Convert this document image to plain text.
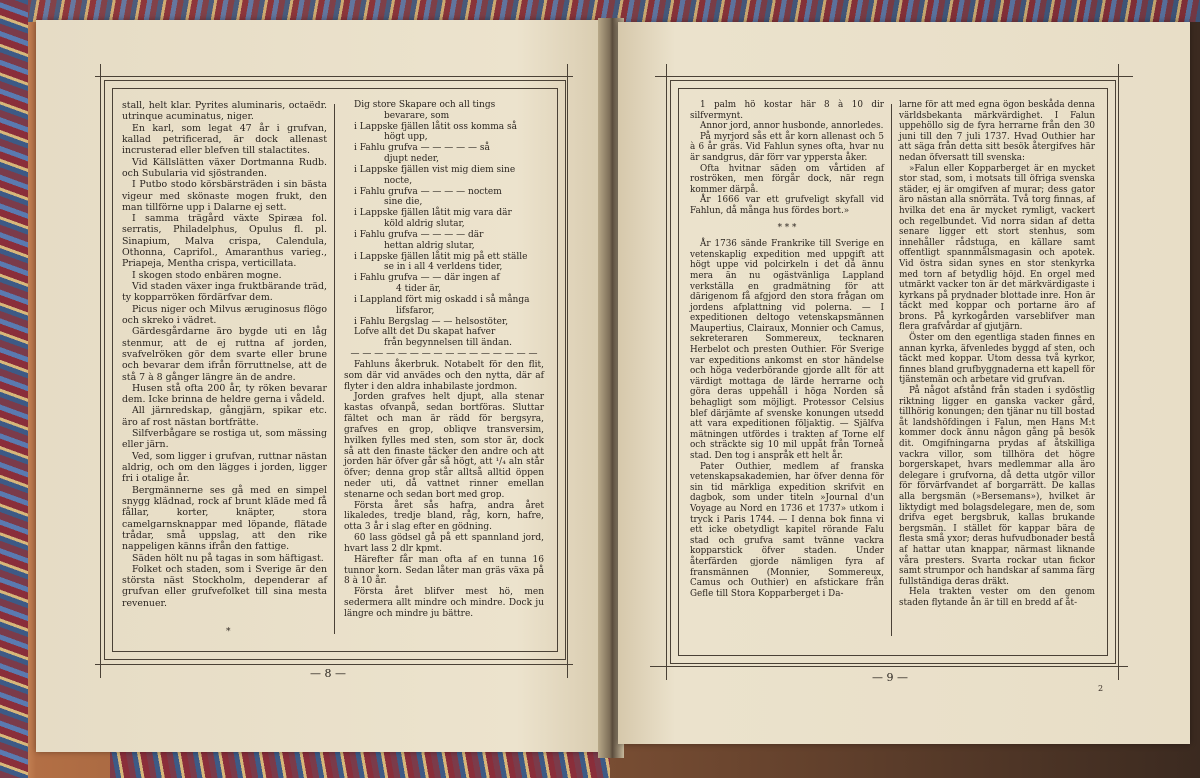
stall, helt klar. Pyrites aluminaris, octaëdr. utrinque acuminatus, niger.

En karl, som legat 47 år i grufvan, kallad petrificerad, är dock allenast incrusterad eller blefven till stalactites.

Vid Källslätten växer Dortmanna Rudb. och Subularia vid sjöstranden.

I Putbo stodo körsbärsträden i sin bästa vigeur med skönaste mogen frukt, den man tillförne upp i Dalarne ej sett.

I samma trägård växte Spiræa fol. serratis, Philadelphus, Opulus fl. pl. Sinapium, Malva crispa, Calendula, Othonna, Caprifol., Amaranthus varieg., Priapeja, Mentha crispa, verticillata.

I skogen stodo enbären mogne.

Vid staden växer inga fruktbärande träd, ty kopparröken fördärfvar dem.

Picus niger och Milvus æruginosus flögo och skreko i vädret.

Gärdesgårdarne äro bygde uti en låg stenmur, att de ej ruttna af jorden, svafvelröken gör dem svarte eller brune och bevarar dem ifrån förruttnelse, att de stå 7 à 8 gånger längre än de andre.

Husen stå ofta 200 år, ty röken bevarar dem. Icke brinna de heldre gerna i vådeld.

All järnredskap, gångjärn, spikar etc. äro af rost nästan bortfrätte.

Silfverbågare se rostiga ut, som mässing eller järn.

Ved, som ligger i grufvan, ruttnar nästan aldrig, och om den lägges i jorden, ligger fri i otalige år.

Bergmännerne ses gå med en simpel snygg klädnad, rock af brunt kläde med få fållar, korter, knäpter, stora camelgarnsknappar med löpande, flätade trådar, små uppslag, att den rike nappeligen känns ifrån den fattige.

Säden hölt nu på tagas in som häftigast.

Folket och staden, som i Sverige är den största näst Stockholm, dependerar af grufvan eller grufvefolket till sina mesta revenuer.

*

Dig store Skapare och all tings

bevarare, som

i Lappske fjällen låtit oss komma så

högt upp,

i Fahlu grufva — — — — — så

djupt neder,

i Lappske fjällen vist mig diem sine

nocte,

i Fahlu grufva — — — — noctem

sine die,

i Lappske fjällen låtit mig vara där

köld aldrig slutar,

i Fahlu grufva — — — — där

hettan aldrig slutar,

i Lappske fjällen låtit mig på ett ställe

se in i all 4 verldens tider,

i Fahlu grufva — — där ingen af

4 tider är,

i Lappland fört mig oskadd i så många

lifsfaror,

i Fahlu Bergslag — — helsostöter,

Lofve allt det Du skapat hafver

från begynnelsen till ändan.

— — — — — — — — — — — — — — — —

Fahluns åkerbruk. Notabelt för den flit, som där vid anvädes och den nytta, där af flyter i den aldra inhabilaste jordmon.

Jorden grafves helt djupt, alla stenar kastas ofvanpå, sedan bortföras. Sluttar fältet och man är rädd för bergsyra, grafves en grop, obliqve transversim, hvilken fylles med sten, som stor är, dock så att den finaste täcker den andre och att jorden här öfver går så högt, att ¹/₄ aln står öfver; denna grop står alltså alltid öppen neder uti, då vattnet rinner emellan stenarne och sedan bort med grop.

Första året sås hafra, andra året likaledes, tredje bland, råg, korn, hafre, otta 3 år i slag efter en gödning.

60 lass gödsel gå på ett spannland jord, hvart lass 2 dlr kpmt.

Härefter får man ofta af en tunna 16 tunnor korn. Sedan låter man gräs växa på 8 à 10 år.

Första året blifver mest hö, men sedermera allt mindre och mindre. Dock ju längre och mindre ju bättre.

— 8 —

1 palm hö kostar här 8 à 10 dir silfvermynt.

Annor jord, annor husbonde, annorledes.

På myrjord sås ett år korn allenast och 5 à 6 år gräs. Vid Fahlun synes ofta, hvar nu är sandgrus, där förr var yppersta åker.

Ofta hvitnar säden om vårtiden af roströken, men förgår dock, när regn kommer därpå.

År 1666 var ett grufveligt skyfall vid Fahlun, då många hus fördes bort.»

* * *

År 1736 sände Frankrike till Sverige en vetenskaplig expedition med uppgift att högt uppe vid polcirkeln i det då ännu mera än nu ogästvänliga Lappland verkställa en gradmätning för att därigenom få afgjord den stora frågan om jordens afplattning vid polerna. — I expeditionen deltogo vetenskapsmännen Maupertius, Clairaux, Monnier och Camus, sekreteraren Sommereux, tecknaren Herbelot och presten Outhier. För Sverige var expeditions ankomst en stor händelse och höga vederbörande gjorde allt för att värdigt mottaga de lärde herrarne och göra deras uppehåll i höga Norden så behagligt som möjligt. Protessor Celsius blef därjämte af svenske konungen utsedd att vara expeditionen följaktig. — Själfva mätningen utfördes i trakten af Torne elf och sträckte sig 10 mil uppåt från Torneå stad. Den tog i anspråk ett helt år.

Pater Outhier, medlem af franska vetenskapsakademien, har öfver denna för sin tid märkliga expedition skrifvit en dagbok, som under titeln »Journal d'un Voyage au Nord en 1736 et 1737» utkom i tryck i Paris 1744. — I denna bok finna vi ett icke obetydligt kapitel rörande Falu stad och grufva samt tvänne vackra kopparstick öfver staden. Under återfärden gjorde nämligen fyra af fransmännen (Monnier, Sommereux, Camus och Outhier) en afstickare från Gefle till Stora Kopparberget i Da-

larne för att med egna ögon beskåda denna världsbekanta märkvärdighet. I Falun uppehöllo sig de fyra herrarne från den 30 juni till den 7 juli 1737. Hvad Outhier har att säga från detta sitt besök återgifves här nedan öfversatt till svenska:

»Falun eller Kopparberget är en mycket stor stad, som, i motsats till öfriga svenska städer, ej är omgifven af murar; dess gator äro nästan alla snörräta. Två torg finnas, af hvilka det ena är mycket rymligt, vackert och regelbundet. Vid norra sidan af detta senare ligger ett stort stenhus, som innehåller rådstuga, en källare samt offentligt spannmålsmagasin och apotek. Vid östra sidan synes en stor stenkyrka med torn af betydlig höjd. En orgel med utmärkt vacker ton är det märkvärdigaste i kyrkans på prydnader blottade inre. Hon är täckt med koppar och portarne äro af brons. På kyrkogården varseblifver man flera grafvårdar af gjutjärn.

Öster om den egentliga staden finnes en annan kyrka, äfvenledes byggd af sten, och täckt med koppar. Utom dessa två kyrkor, finnes bland grufbyggnaderna ett kapell för tjänstemän och arbetare vid grufvan.

På något afstånd från staden i sydöstlig riktning ligger en ganska vacker gård, tillhörig konungen; den tjänar nu till bostad åt landshöfdingen i Falun, men Hans M:t kommer dock ännu någon gång på besök dit. Omgifningarna prydas af åtskilliga vackra villor, som tillhöra det högre borgerskapet, hvars medlemmar alla äro delegare i grufvorna, då detta utgör villor för förvärfvandet af borgarrätt. De kallas alla bergsmän (»Bersemans»), hvilket är liktydigt med bolagsdelegare, men de, som drifva eget bergsbruk, kallas brukande bergsmän. I stället för kappar bära de flesta små yxor; deras hufvudbonader bestå af hattar utan knappar, närmast liknande våra presters. Svarta rockar utan fickor samt strumpor och handskar af samma färg fullständiga deras dräkt.

Hela trakten vester om den genom staden flytande ån är till en bredd af åt-

— 9 —
2
